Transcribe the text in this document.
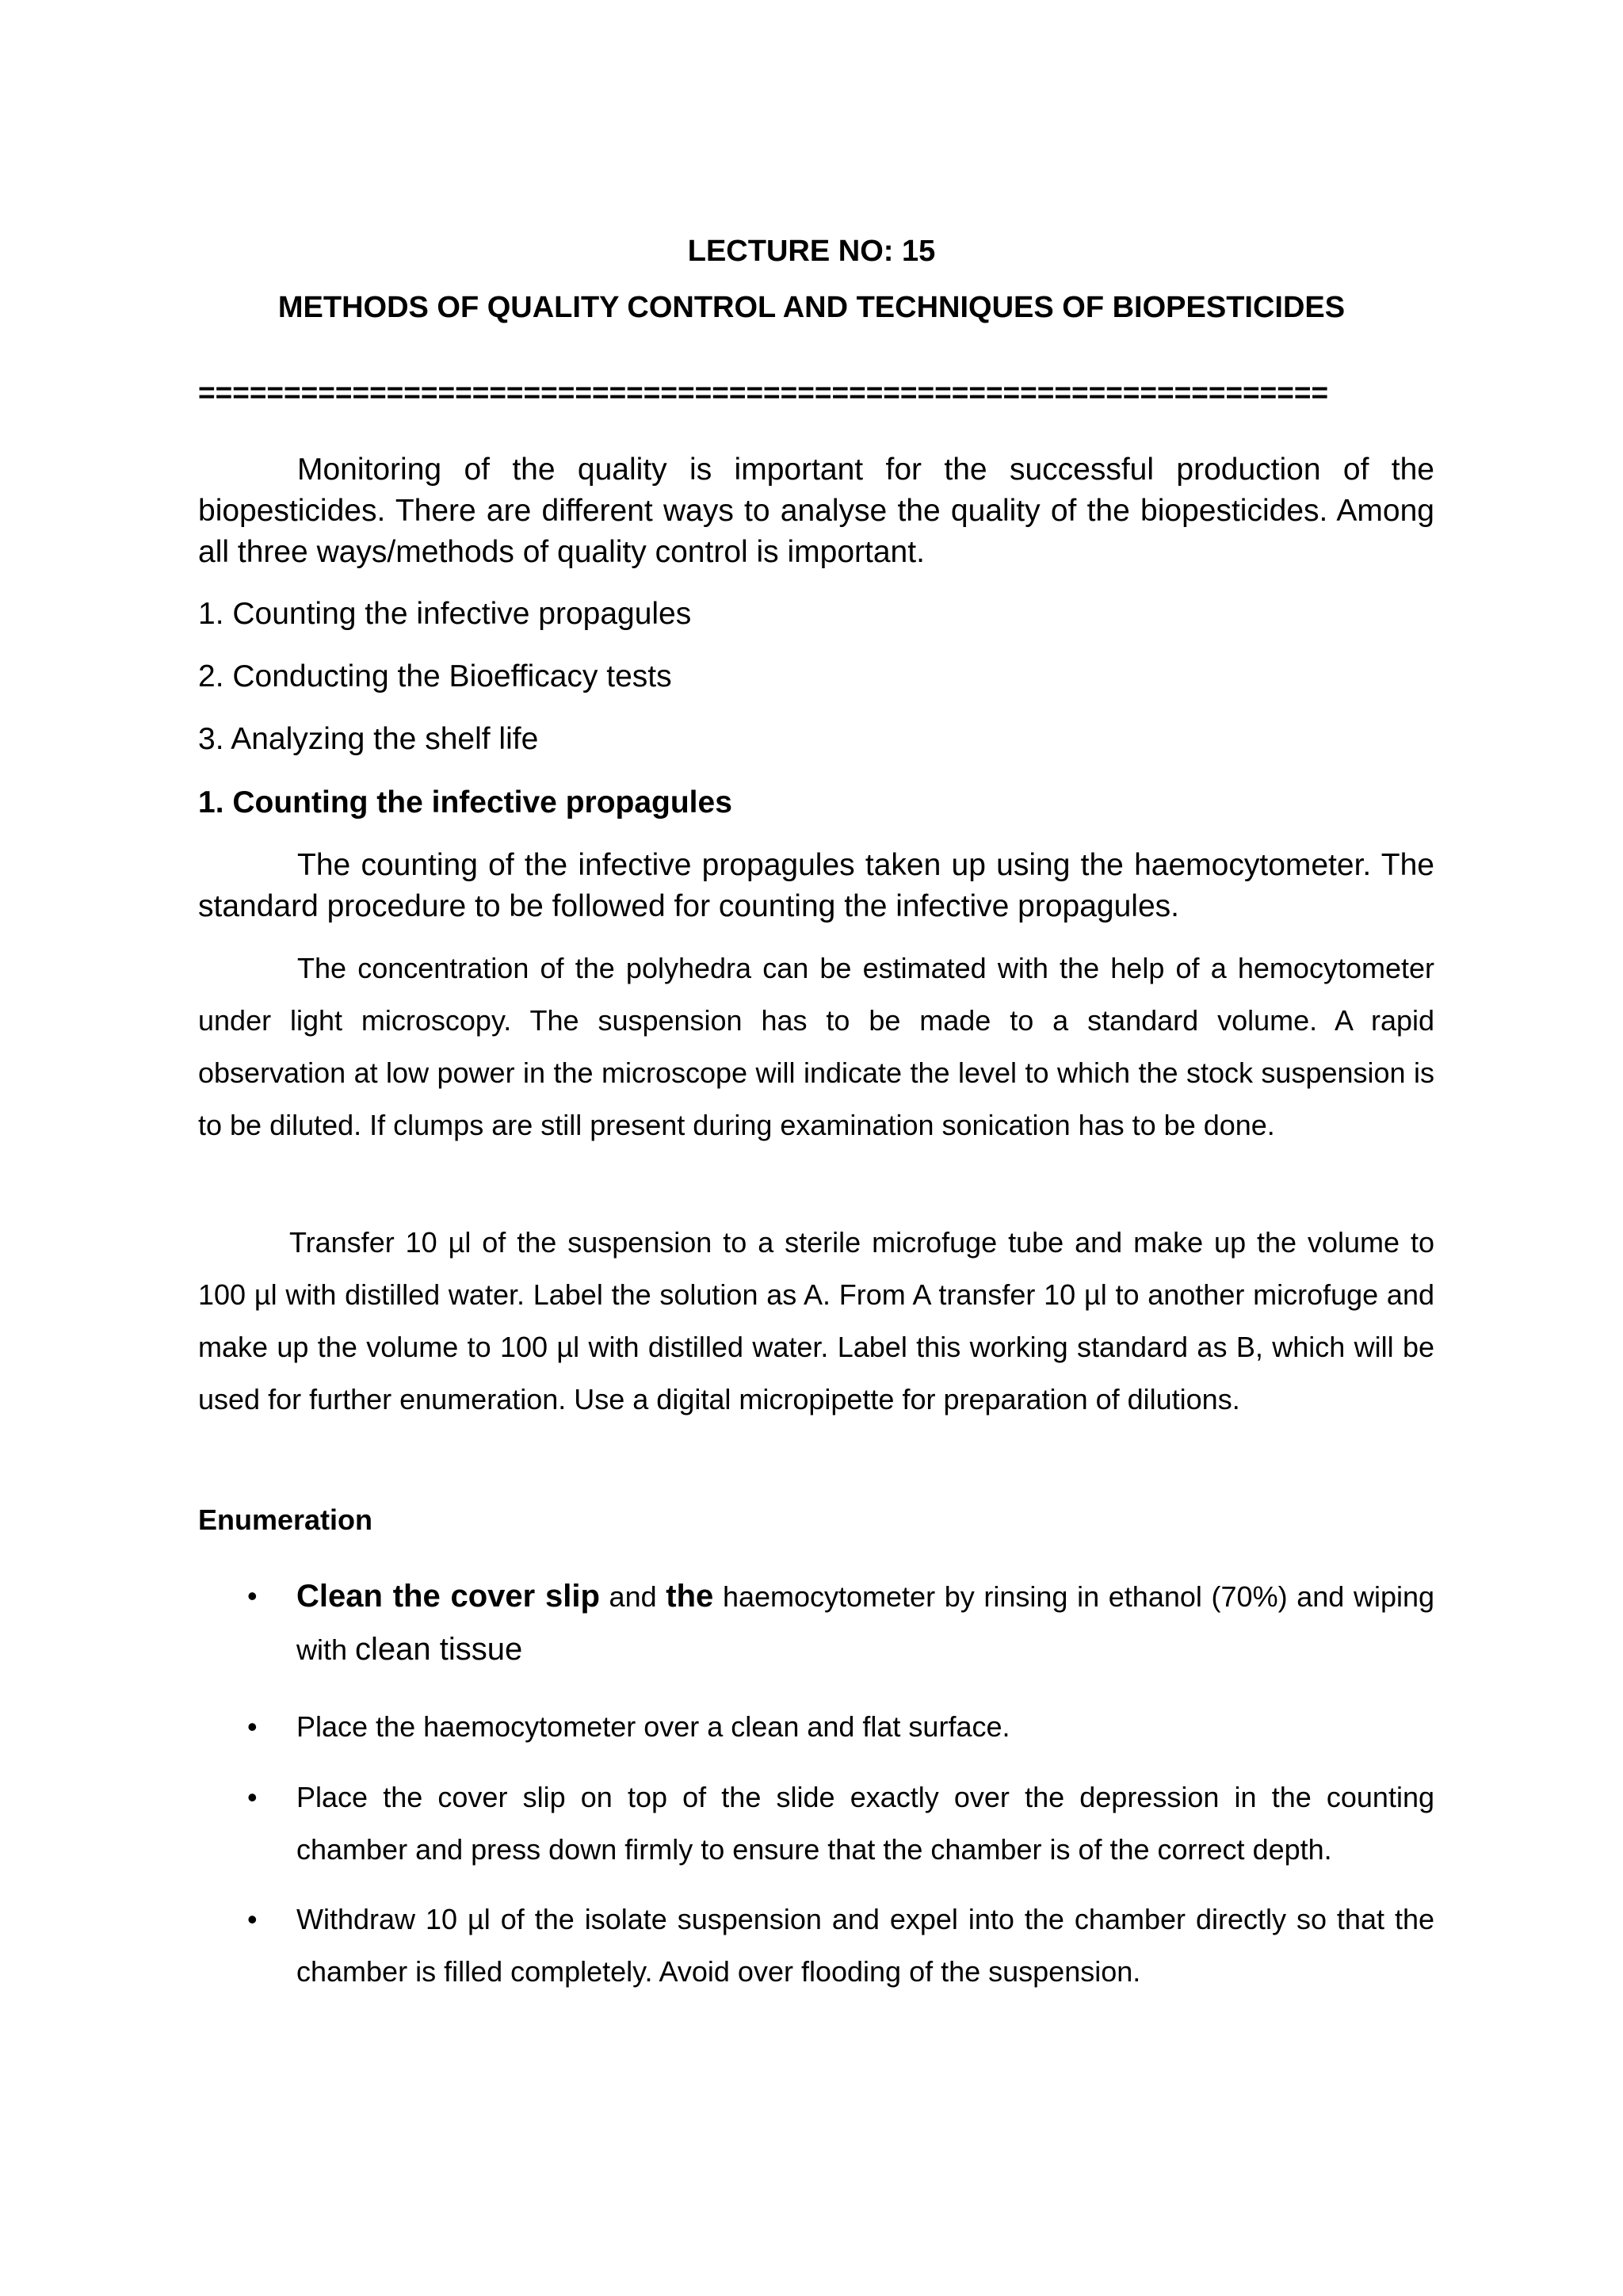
LECTURE NO: 15
METHODS OF QUALITY CONTROL AND TECHNIQUES OF BIOPESTICIDES

==================================================================

Monitoring of the quality is important for the successful production of the biopesticides. There are different ways to analyse the quality of the biopesticides. Among all three ways/methods of quality control is important.

1. Counting the infective propagules

2. Conducting the Bioefficacy tests

3. Analyzing the shelf life

1. Counting the infective propagules

The counting of the infective propagules taken up using the haemocytometer. The standard procedure to be followed for counting the infective propagules.

The concentration of the polyhedra can be estimated with the help of a hemocytometer under light microscopy. The suspension has to be made to a standard volume. A rapid observation at low power in the microscope will indicate the level to which the stock suspension is to be diluted. If clumps are still present during examination sonication has to be done.

Transfer 10 µl of the suspension to a sterile microfuge tube and make up the volume to 100 µl with distilled water. Label the solution as A. From A transfer 10 µl to another microfuge and make up the volume to 100 µl with distilled water. Label this working standard as B, which will be used for further enumeration. Use a digital micropipette for preparation of dilutions.

Enumeration
• Clean the cover slip and the haemocytometer by rinsing in ethanol (70%) and wiping with clean tissue

• Place the haemocytometer over a clean and flat surface.

• Place the cover slip on top of the slide exactly over the depression in the counting chamber and press down firmly to ensure that the chamber is of the correct depth.

• Withdraw 10 µl of the isolate suspension and expel into the chamber directly so that the chamber is filled completely. Avoid over flooding of the suspension.
